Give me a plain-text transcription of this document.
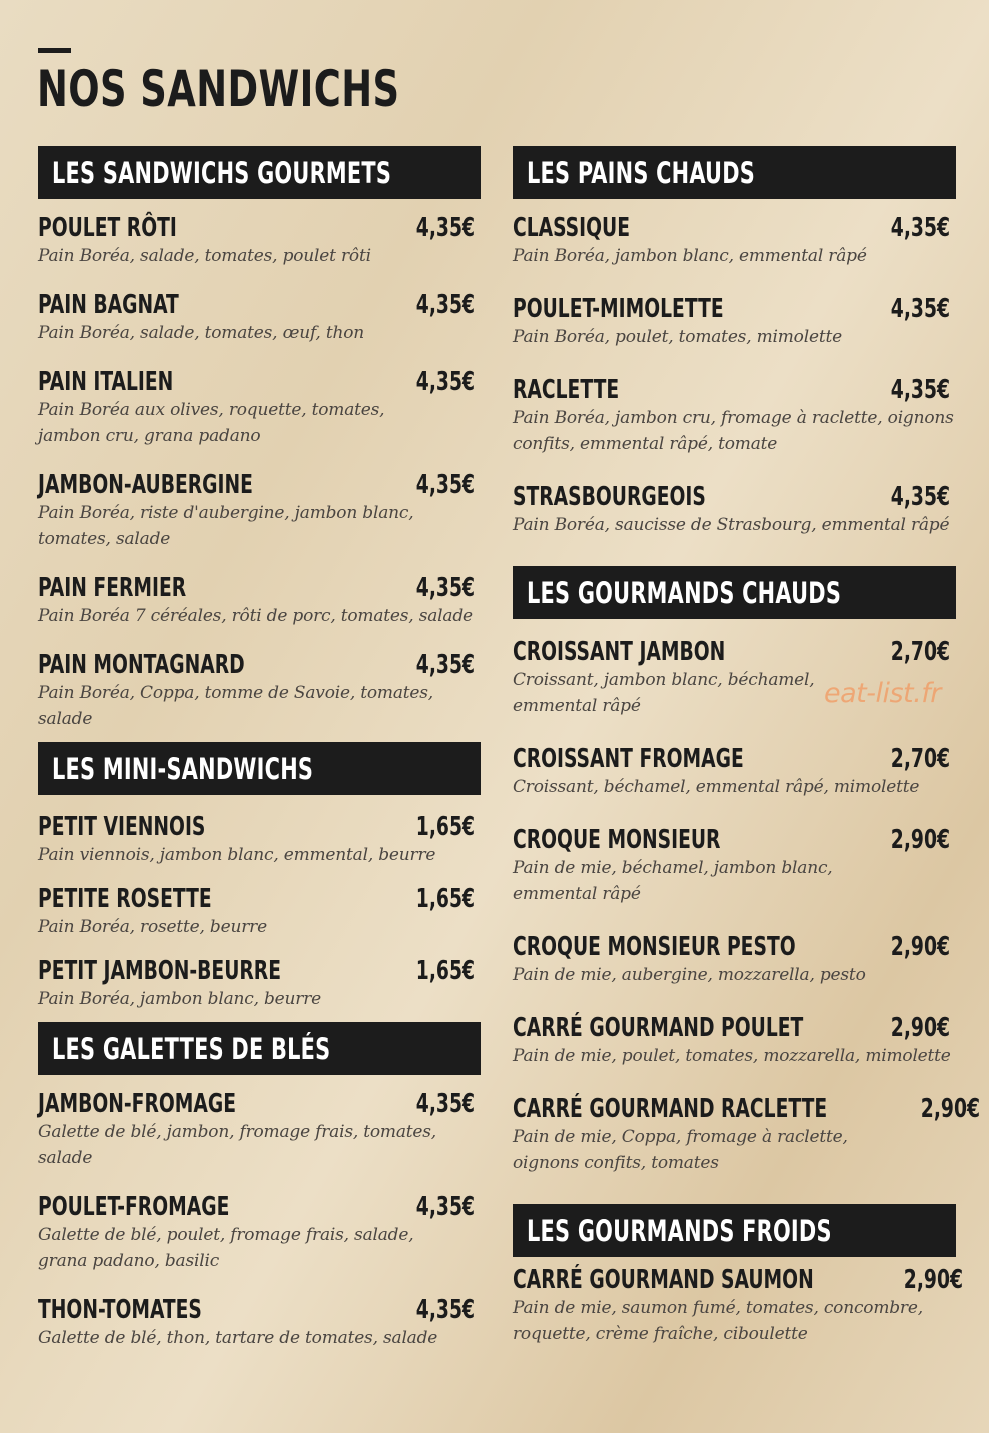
NOS SANDWICHS
LES SANDWICHS GOURMETS
POULET RÔTI	4,35€
Pain Boréa, salade, tomates, poulet rôti
PAIN BAGNAT	4,35€
Pain Boréa, salade, tomates, œuf, thon
PAIN ITALIEN	4,35€
Pain Boréa aux olives, roquette, tomates, jambon cru, grana padano
JAMBON-AUBERGINE	4,35€
Pain Boréa, riste d'aubergine, jambon blanc, tomates, salade
PAIN FERMIER	4,35€
Pain Boréa 7 céréales, rôti de porc, tomates, salade
PAIN MONTAGNARD	4,35€
Pain Boréa, Coppa, tomme de Savoie, tomates, salade
LES MINI-SANDWICHS
PETIT VIENNOIS	1,65€
Pain viennois, jambon blanc, emmental, beurre
PETITE ROSETTE	1,65€
Pain Boréa, rosette, beurre
PETIT JAMBON-BEURRE	1,65€
Pain Boréa, jambon blanc, beurre
LES GALETTES DE BLÉS
JAMBON-FROMAGE	4,35€
Galette de blé, jambon, fromage frais, tomates, salade
POULET-FROMAGE	4,35€
Galette de blé, poulet, fromage frais, salade, grana padano, basilic
THON-TOMATES	4,35€
Galette de blé, thon, tartare de tomates, salade
LES PAINS CHAUDS
CLASSIQUE	4,35€
Pain Boréa, jambon blanc, emmental râpé
POULET-MIMOLETTE	4,35€
Pain Boréa, poulet, tomates, mimolette
RACLETTE	4,35€
Pain Boréa, jambon cru, fromage à raclette, oignons confits, emmental râpé, tomate
STRASBOURGEOIS	4,35€
Pain Boréa, saucisse de Strasbourg, emmental râpé
LES GOURMANDS CHAUDS
CROISSANT JAMBON	2,70€
Croissant, jambon blanc, béchamel, emmental râpé
CROISSANT FROMAGE	2,70€
Croissant, béchamel, emmental râpé, mimolette
CROQUE MONSIEUR	2,90€
Pain de mie, béchamel, jambon blanc, emmental râpé
CROQUE MONSIEUR PESTO	2,90€
Pain de mie, aubergine, mozzarella, pesto
CARRÉ GOURMAND POULET	2,90€
Pain de mie, poulet, tomates, mozzarella, mimolette
CARRÉ GOURMAND RACLETTE	2,90€
Pain de mie, Coppa, fromage à raclette, oignons confits, tomates
LES GOURMANDS FROIDS
CARRÉ GOURMAND SAUMON	2,90€
Pain de mie, saumon fumé, tomates, concombre, roquette, crème fraîche, ciboulette
eat-list.fr
